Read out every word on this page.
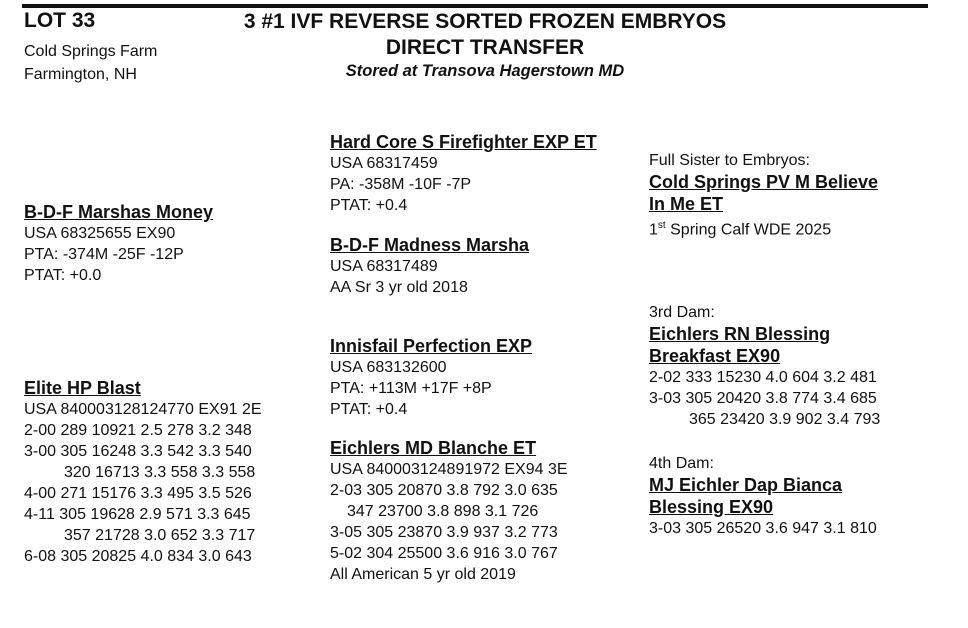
LOT 33
Cold Springs Farm
Farmington, NH
3 #1 IVF REVERSE SORTED FROZEN EMBRYOS
DIRECT TRANSFER
Stored at Transova Hagerstown MD
B-D-F Marshas Money
USA 68325655 EX90
PTA: -374M -25F -12P
PTAT: +0.0
Elite HP Blast
USA 840003128124770 EX91 2E
2-00 289 10921 2.5 278 3.2 348
3-00 305 16248 3.3 542 3.3 540
320 16713 3.3 558 3.3 558
4-00 271 15176 3.3 495 3.5 526
4-11 305 19628 2.9 571 3.3 645
357 21728 3.0 652 3.3 717
6-08 305 20825 4.0 834 3.0 643
Hard Core S Firefighter EXP ET
USA 68317459
PA: -358M -10F -7P
PTAT: +0.4
B-D-F Madness Marsha
USA 68317489
AA Sr 3 yr old 2018
Innisfail Perfection EXP
USA 683132600
PTA: +113M +17F +8P
PTAT: +0.4
Eichlers MD Blanche ET
USA 840003124891972 EX94 3E
2-03 305 20870 3.8 792 3.0 635
347 23700 3.8 898 3.1 726
3-05 305 23870 3.9 937 3.2 773
5-02 304 25500 3.6 916 3.0 767
All American 5 yr old 2019
Full Sister to Embryos:
Cold Springs PV M Believe
In Me ET
1st Spring Calf WDE 2025
3rd Dam:
Eichlers RN Blessing
Breakfast EX90
2-02 333 15230 4.0 604 3.2 481
3-03 305 20420 3.8 774 3.4 685
365 23420 3.9 902 3.4 793
4th Dam:
MJ Eichler Dap Bianca
Blessing EX90
3-03 305 26520 3.6 947 3.1 810
